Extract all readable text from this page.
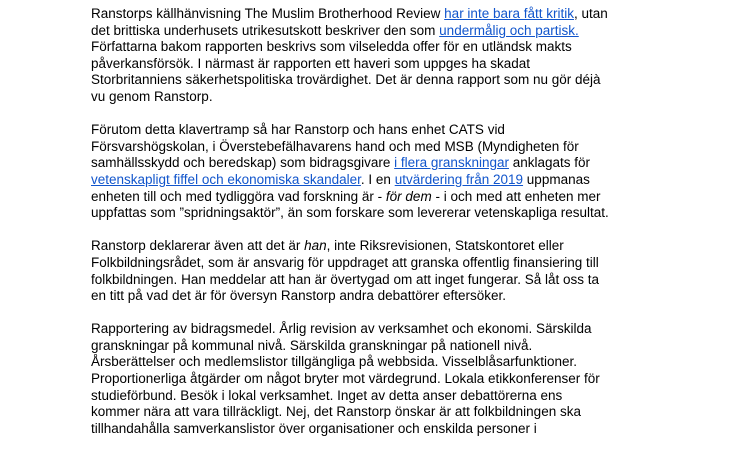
Ranstorps källhänvisning The Muslim Brotherhood Review har inte bara fått kritik, utan
det brittiska underhusets utrikesutskott beskriver den som undermålig och partisk.
Författarna bakom rapporten beskrivs som vilseledda offer för en utländsk makts
påverkansförsök. I närmast är rapporten ett haveri som uppges ha skadat
Storbritanniens säkerhetspolitiska trovärdighet. Det är denna rapport som nu gör déjà
vu genom Ranstorp.

Förutom detta klavertramp så har Ranstorp och hans enhet CATS vid
Försvarshögskolan, i Överstebefälhavarens hand och med MSB (Myndigheten för
samhällsskydd och beredskap) som bidragsgivare i flera granskningar anklagats för
vetenskapligt fiffel och ekonomiska skandaler. I en utvärdering från 2019 uppmanas
enheten till och med tydliggöra vad forskning är - för dem - i och med att enheten mer
uppfattas som ”spridningsaktör”, än som forskare som levererar vetenskapliga resultat.

Ranstorp deklarerar även att det är han, inte Riksrevisionen, Statskontoret eller
Folkbildningsrådet, som är ansvarig för uppdraget att granska offentlig finansiering till
folkbildningen. Han meddelar att han är övertygad om att inget fungerar. Så låt oss ta
en titt på vad det är för översyn Ranstorp andra debattörer eftersöker.

Rapportering av bidragsmedel. Årlig revision av verksamhet och ekonomi. Särskilda
granskningar på kommunal nivå. Särskilda granskningar på nationell nivå.
Årsberättelser och medlemslistor tillgängliga på webbsida. Visselblåsarfunktioner.
Proportionerliga åtgärder om något bryter mot värdegrund. Lokala etikkonferenser för
studieförbund. Besök i lokal verksamhet. Inget av detta anser debattörerna ens
kommer nära att vara tillräckligt. Nej, det Ranstorp önskar är att folkbildningen ska
tillhandahålla samverkanslistor över organisationer och enskilda personer i
